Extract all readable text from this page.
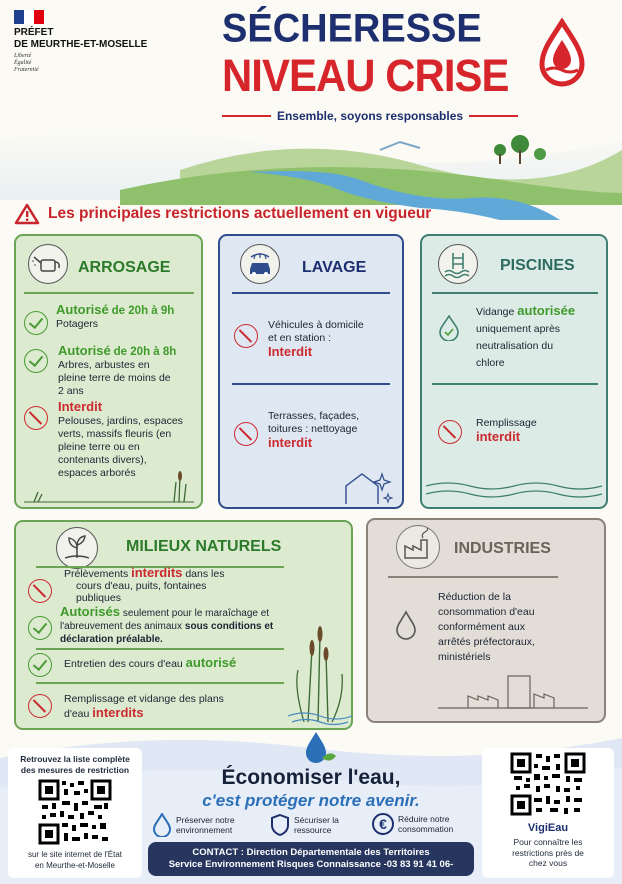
PRÉFET
DE MEURTHE-ET-MOSELLE
Liberté
Égalité
Fraternité
SÉCHERESSE
NIVEAU CRISE
Ensemble, soyons responsables
Les principales restrictions actuellement en vigueur
ARROSAGE
Autorisé de 20h à 9h
Potagers
Autorisé de 20h à 8h
Arbres, arbustes en
pleine terre de moins de
2 ans
Interdit
Pelouses, jardins, espaces
verts, massifs fleuris (en
pleine terre ou en
contenants divers),
espaces arborés
LAVAGE
Véhicules à domicile
et en station :
Interdit
Terrasses, façades,
toitures : nettoyage
interdit
PISCINES
Vidange autorisée
uniquement après
neutralisation du
chlore
Remplissage
interdit
MILIEUX NATURELS
Prélèvements interdits dans les
cours d'eau, puits, fontaines
publiques
Autorisés seulement pour le maraîchage et
l'abreuvement des animaux sous conditions et
déclaration préalable.
Entretien des cours d'eau autorisé
Remplissage et vidange des plans
d'eau interdits
INDUSTRIES
Réduction de la
consommation d'eau
conformément aux
arrêtés préfectoraux,
ministériels
Retrouvez la liste complète
des mesures de restriction
sur le site internet de l'État
en Meurthe-et-Moselle
Économiser l'eau,
c'est protéger notre avenir.
Préserver notre
environnement
Sécuriser la
ressource	€	Réduire notre
consommation
CONTACT : Direction Départementale des Territoires
Service Environnement Risques Connaissance -03 83 91 41 06-
VigiEau
Pour connaître les
restrictions près de
chez vous
